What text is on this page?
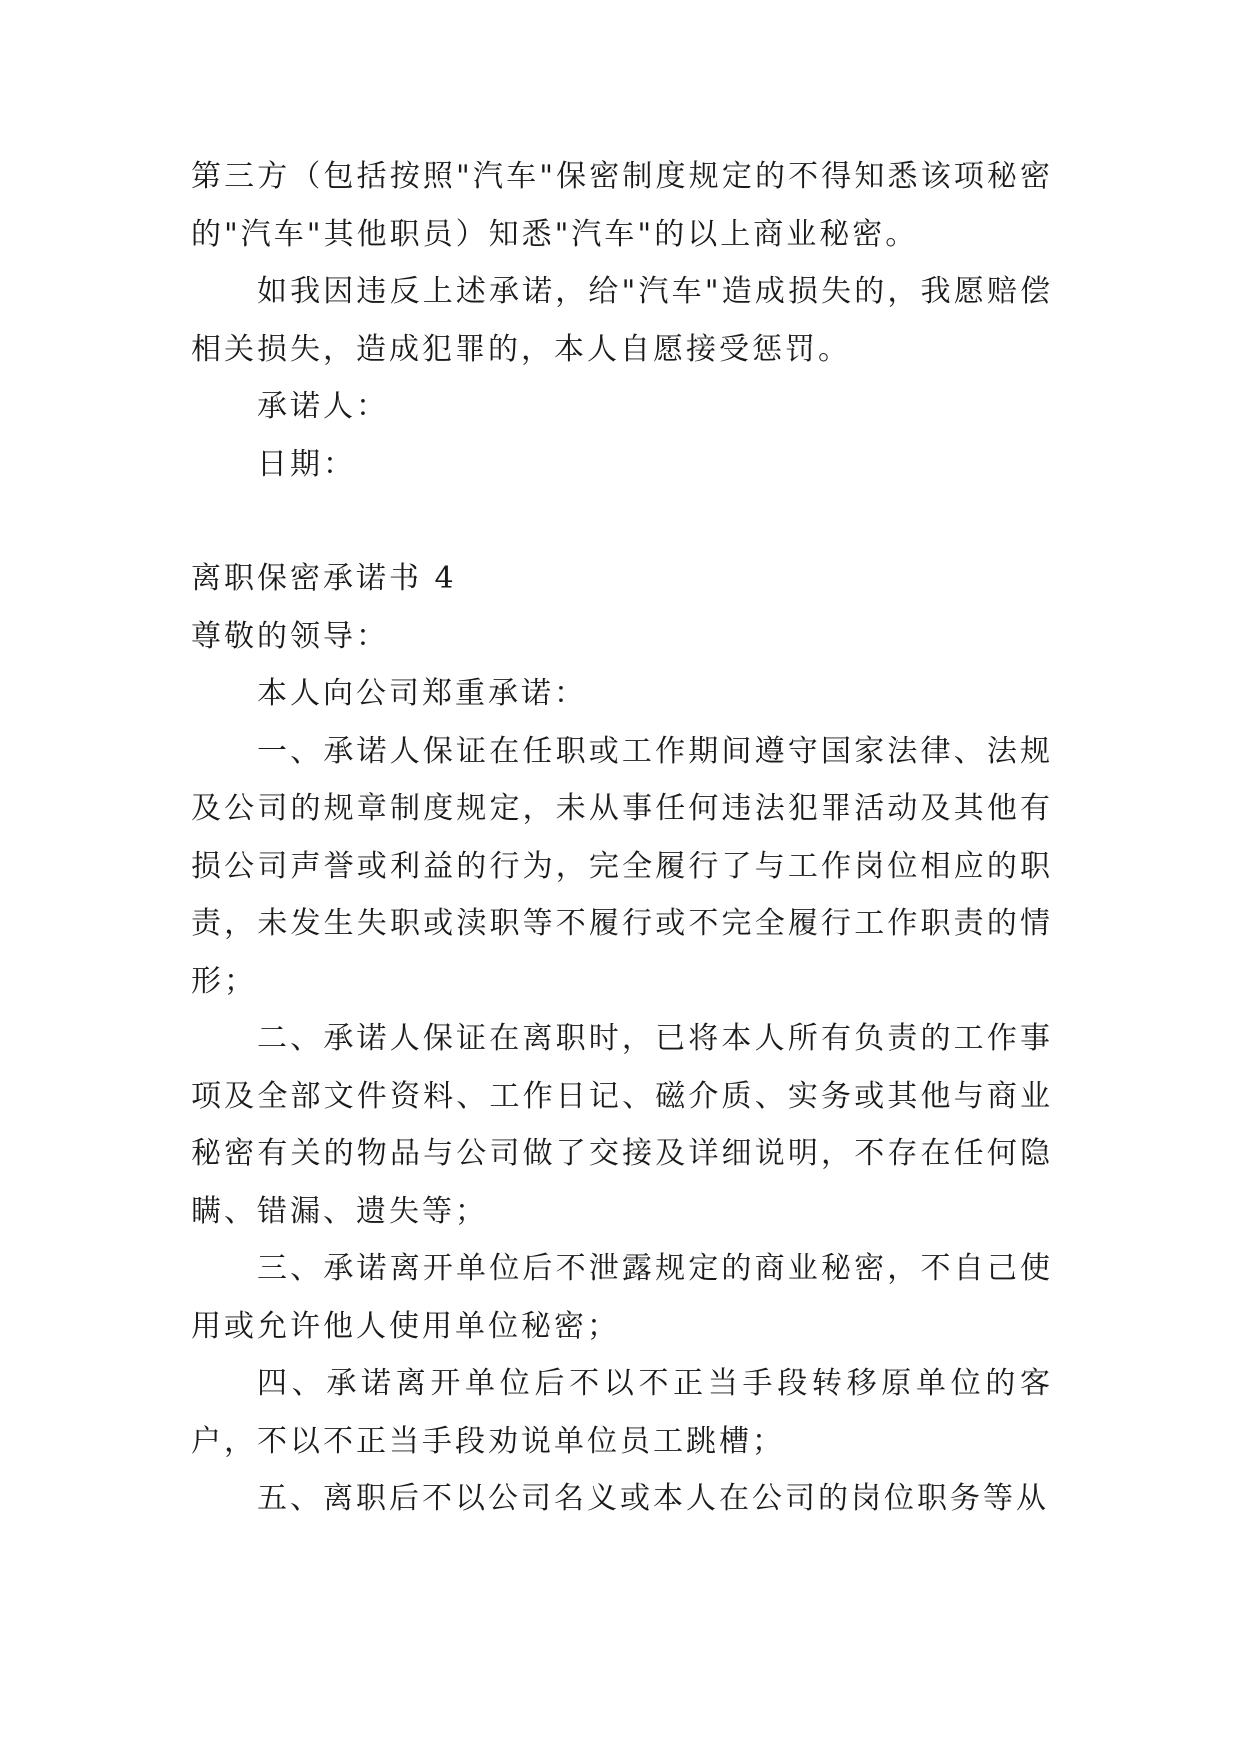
第三方（包括按照"汽车"保密制度规定的不得知悉该项秘密的"汽车"其他职员）知悉"汽车"的以上商业秘密。

如我因违反上述承诺，给"汽车"造成损失的，我愿赔偿相关损失，造成犯罪的，本人自愿接受惩罚。

承诺人：

日期：

离职保密承诺书 4

尊敬的领导：

本人向公司郑重承诺：

一、承诺人保证在任职或工作期间遵守国家法律、法规及公司的规章制度规定，未从事任何违法犯罪活动及其他有损公司声誉或利益的行为，完全履行了与工作岗位相应的职责，未发生失职或渎职等不履行或不完全履行工作职责的情形；

二、承诺人保证在离职时，已将本人所有负责的工作事项及全部文件资料、工作日记、磁介质、实务或其他与商业秘密有关的物品与公司做了交接及详细说明，不存在任何隐瞒、错漏、遗失等；

三、承诺离开单位后不泄露规定的商业秘密，不自己使用或允许他人使用单位秘密；

四、承诺离开单位后不以不正当手段转移原单位的客户，不以不正当手段劝说单位员工跳槽；

五、离职后不以公司名义或本人在公司的岗位职务等从
